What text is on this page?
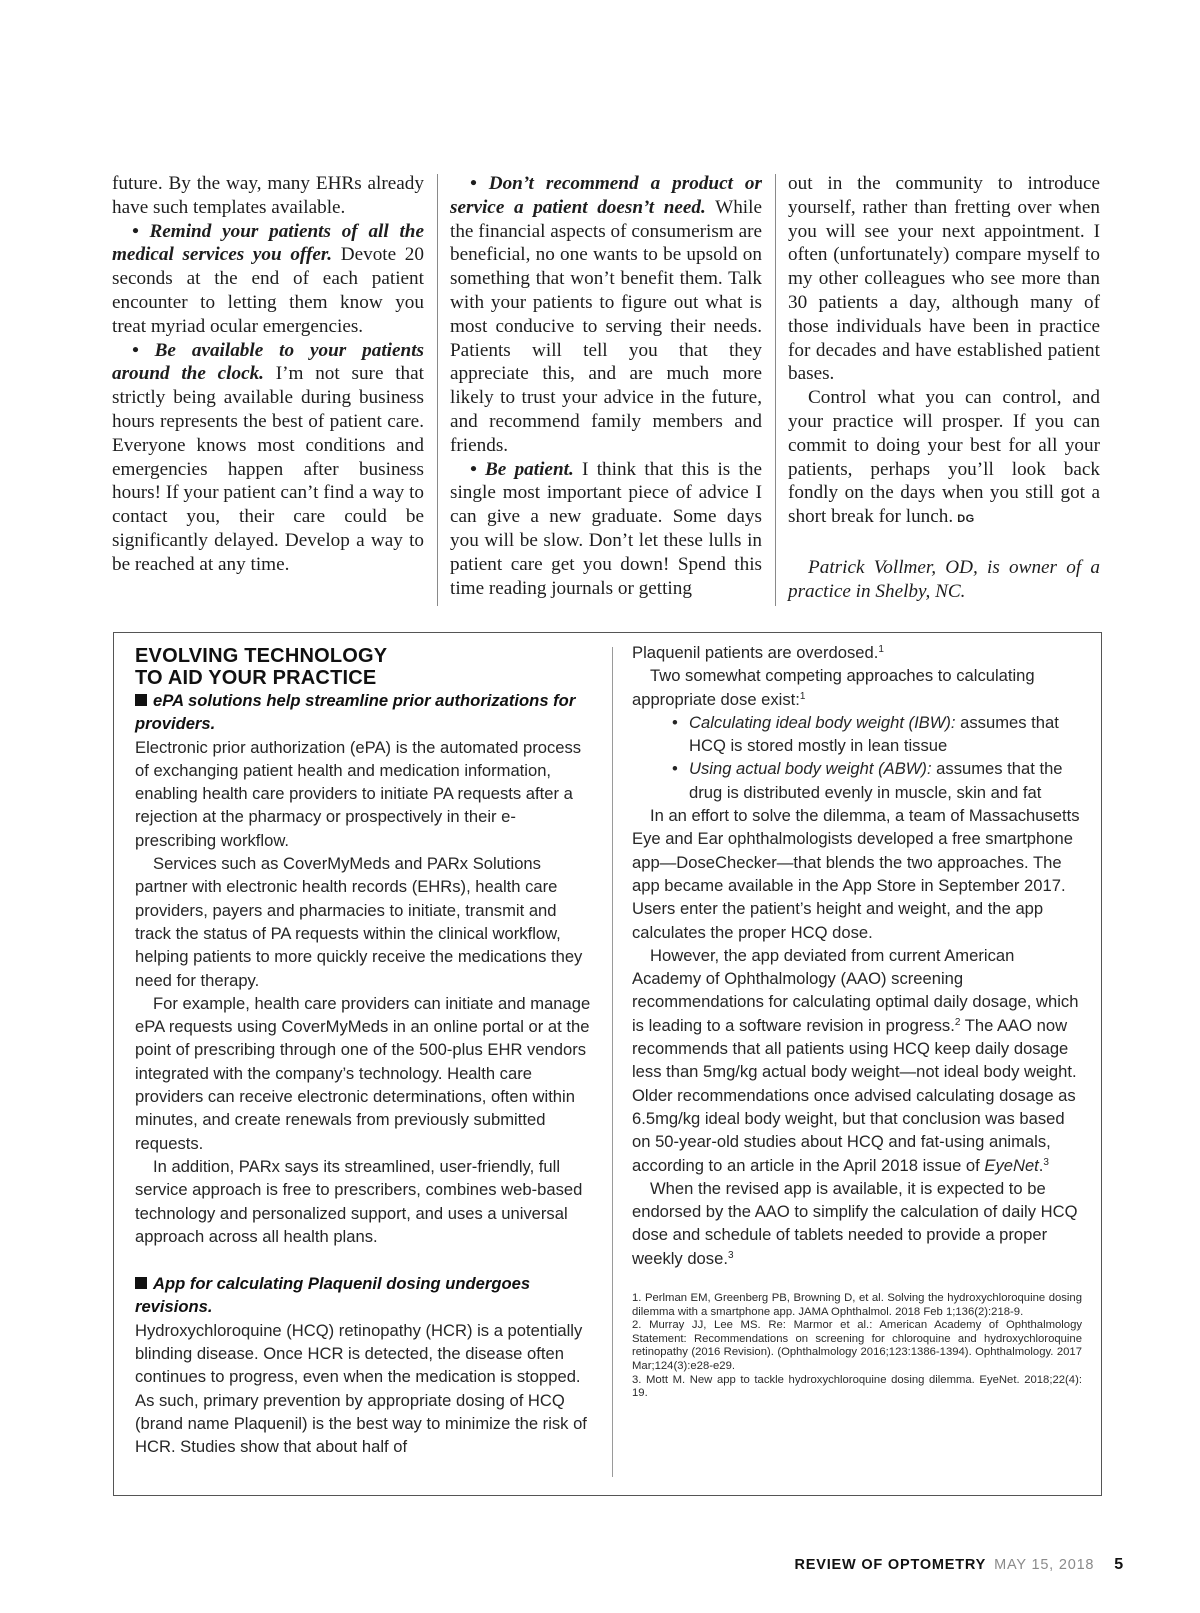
future. By the way, many EHRs already have such templates available.

• Remind your patients of all the medical services you offer. Devote 20 seconds at the end of each patient encounter to letting them know you treat myriad ocular emergencies.

• Be available to your patients around the clock. I’m not sure that strictly being available during business hours represents the best of patient care. Everyone knows most conditions and emergencies happen after business hours! If your patient can’t find a way to contact you, their care could be significantly delayed. Develop a way to be reached at any time.

• Don’t recommend a product or service a patient doesn’t need. While the financial aspects of consumerism are beneficial, no one wants to be upsold on something that won’t benefit them. Talk with your patients to figure out what is most conducive to serving their needs. Patients will tell you that they appreciate this, and are much more likely to trust your advice in the future, and recommend family members and friends.

• Be patient. I think that this is the single most important piece of advice I can give a new graduate. Some days you will be slow. Don’t let these lulls in patient care get you down! Spend this time reading journals or getting

out in the community to introduce yourself, rather than fretting over when you will see your next appointment. I often (unfortunately) compare myself to my other colleagues who see more than 30 patients a day, although many of those individuals have been in practice for decades and have established patient bases.

Control what you can control, and your practice will prosper. If you can commit to doing your best for all your patients, perhaps you’ll look back fondly on the days when you still got a short break for lunch. DG

Patrick Vollmer, OD, is owner of a practice in Shelby, NC.

EVOLVING TECHNOLOGY
TO AID YOUR PRACTICE

ePA solutions help streamline prior authorizations for providers.

Electronic prior authorization (ePA) is the automated process of exchanging patient health and medication information, enabling health care providers to initiate PA requests after a rejection at the pharmacy or prospectively in their e-prescribing workflow.

Services such as CoverMyMeds and PARx Solutions partner with electronic health records (EHRs), health care providers, payers and pharmacies to initiate, transmit and track the status of PA requests within the clinical workflow, helping patients to more quickly receive the medications they need for therapy.

For example, health care providers can initiate and manage ePA requests using CoverMyMeds in an online portal or at the point of prescribing through one of the 500-plus EHR vendors integrated with the company’s technology. Health care providers can receive electronic determinations, often within minutes, and create renewals from previously submitted requests.

In addition, PARx says its streamlined, user-friendly, full service approach is free to prescribers, combines web-based technology and personalized support, and uses a universal approach across all health plans.

App for calculating Plaquenil dosing undergoes revisions.

Hydroxychloroquine (HCQ) retinopathy (HCR) is a potentially blinding disease. Once HCR is detected, the disease often continues to progress, even when the medication is stopped. As such, primary prevention by appropriate dosing of HCQ (brand name Plaquenil) is the best way to minimize the risk of HCR. Studies show that about half of

Plaquenil patients are overdosed.$^1$

Two somewhat competing approaches to calculating appropriate dose exist:$^1$

• Calculating ideal body weight (IBW): assumes that HCQ is stored mostly in lean tissue
• Using actual body weight (ABW): assumes that the drug is distributed evenly in muscle, skin and fat

In an effort to solve the dilemma, a team of Massachusetts Eye and Ear ophthalmologists developed a free smartphone app—DoseChecker—that blends the two approaches. The app became available in the App Store in September 2017. Users enter the patient’s height and weight, and the app calculates the proper HCQ dose.

However, the app deviated from current American Academy of Ophthalmology (AAO) screening recommendations for calculating optimal daily dosage, which is leading to a software revision in progress.$^2$ The AAO now recommends that all patients using HCQ keep daily dosage less than 5mg/kg actual body weight—not ideal body weight. Older recommendations once advised calculating dosage as 6.5mg/kg ideal body weight, but that conclusion was based on 50-year-old studies about HCQ and fat-using animals, according to an article in the April 2018 issue of EyeNet.$^3$

When the revised app is available, it is expected to be endorsed by the AAO to simplify the calculation of daily HCQ dose and schedule of tablets needed to provide a proper weekly dose.$^3$

1. Perlman EM, Greenberg PB, Browning D, et al. Solving the hydroxychloroquine dosing dilemma with a smartphone app. JAMA Ophthalmol. 2018 Feb 1;136(2):218-9.

2. Murray JJ, Lee MS. Re: Marmor et al.: American Academy of Ophthalmology Statement: Recommendations on screening for chloroquine and hydroxychloroquine retinopathy (2016 Revision). (Ophthalmology 2016;123:1386-1394). Ophthalmology. 2017 Mar;124(3):e28-e29.

3. Mott M. New app to tackle hydroxychloroquine dosing dilemma. EyeNet. 2018;22(4): 19.

REVIEW OF OPTOMETRY MAY 15, 2018 5
